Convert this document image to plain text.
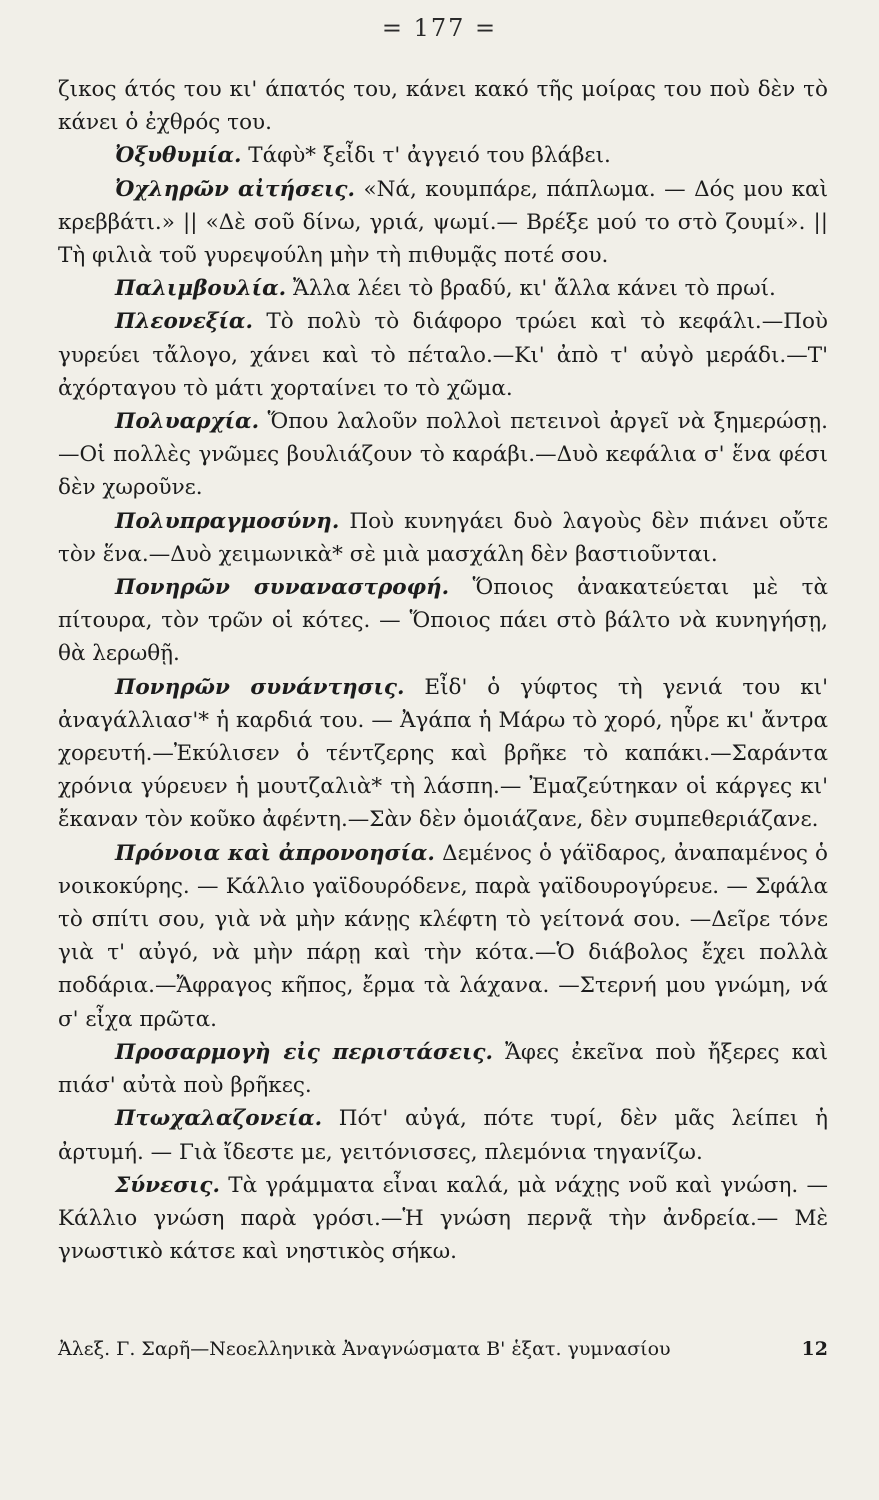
= 177 =

ζικος άτός του κι' άπατός του, κάνει κακό τῆς μοίρας του ποὺ δὲν τὸ κάνει ὁ ἐχθρός του.

Ὀξυθυμία. Τάφὺ* ξεἶδι τ' ἀγγειό του βλάβει.

Ὀχληρῶν αἰτήσεις. «Νά, κουμπάρε, πάπλωμα. — Δός μου καὶ κρεββάτι.» || «Δὲ σοῦ δίνω, γριά, ψωμί.— Βρέξε μού το στὸ ζουμί». || Τὴ φιλιὰ τοῦ γυρεψούλη μὴν τὴ πιθυμᾷς ποτέ σου.

Παλιμβουλία. Ἄλλα λέει τὸ βραδύ, κι' ἄλλα κάνει τὸ πρωί.

Πλεονεξία. Τὸ πολὺ τὸ διάφορο τρώει καὶ τὸ κεφάλι.—Ποὺ γυρεύει τἄλογο, χάνει καὶ τὸ πέταλο.—Κι' ἀπὸ τ' αὐγὸ μεράδι.—Τ' ἀχόρταγου τὸ μάτι χορταίνει το τὸ χῶμα.

Πολυαρχία. Ὅπου λαλοῦν πολλοὶ πετεινοὶ ἀργεῖ νὰ ξημερώσῃ.—Οἱ πολλὲς γνῶμες βουλιάζουν τὸ καράβι.—Δυὸ κεφάλια σ' ἕνα φέσι δὲν χωροῦνε.

Πολυπραγμοσύνη. Ποὺ κυνηγάει δυὸ λαγοὺς δὲν πιάνει οὔτε τὸν ἕνα.—Δυὸ χειμωνικὰ* σὲ μιὰ μασχάλη δὲν βαστιοῦνται.

Πονηρῶν συναναστροφή. Ὅποιος ἀνακατεύεται μὲ τὰ πίτουρα, τὸν τρῶν οἱ κότες. — Ὅποιος πάει στὸ βάλτο νὰ κυνηγήσῃ, θὰ λερωθῇ.

Πονηρῶν συνάντησις. Εἶδ' ὁ γύφτος τὴ γενιά του κι' ἀναγάλλιασ'* ἡ καρδιά του. — Ἀγάπα ἡ Μάρω τὸ χορό, ηὗρε κι' ἄντρα χορευτή.—Ἐκύλισεν ὁ τέντζερης καὶ βρῆκε τὸ καπάκι.—Σαράντα χρόνια γύρευεν ἡ μουτζαλιὰ* τὴ λάσπη.— Ἐμαζεύτηκαν οἱ κάργες κι' ἔκαναν τὸν κοῦκο ἀφέντη.—Σὰν δὲν ὁμοιάζανε, δὲν συμπεθεριάζανε.

Πρόνοια καὶ ἀπρονοησία. Δεμένος ὁ γάϊδαρος, ἀναπαμένος ὁ νοικοκύρης. — Κάλλιο γαϊδουρόδενε, παρὰ γαϊδουρογύρευε. — Σφάλα τὸ σπίτι σου, γιὰ νὰ μὴν κάνῃς κλέφτη τὸ γείτονά σου. —Δεῖρε τόνε γιὰ τ' αὐγό, νὰ μὴν πάρῃ καὶ τὴν κότα.—Ὁ διάβολος ἔχει πολλὰ ποδάρια.—Ἄφραγος κῆπος, ἔρμα τὰ λάχανα. —Στερνή μου γνώμη, νά σ' εἶχα πρῶτα.

Προσαρμογὴ εἰς περιστάσεις. Ἄφες ἐκεῖνα ποὺ ἤξερες καὶ πιάσ' αὐτὰ ποὺ βρῆκες.

Πτωχαλαζονεία. Πότ' αὐγά, πότε τυρί, δὲν μᾶς λείπει ἡ ἀρτυμή. — Γιὰ ἴδεστε με, γειτόνισσες, πλεμόνια τηγανίζω.

Σύνεσις. Τὰ γράμματα εἶναι καλά, μὰ νάχῃς νοῦ καὶ γνώση. —Κάλλιο γνώση παρὰ γρόσι.—Ἡ γνώση περνᾷ τὴν ἀνδρεία.— Μὲ γνωστικὸ κάτσε καὶ νηστικὸς σήκω.

Ἀλεξ. Γ. Σαρῆ—Νεοελληνικὰ Ἀναγνώσματα Β' ἑξατ. γυμνασίου	12
